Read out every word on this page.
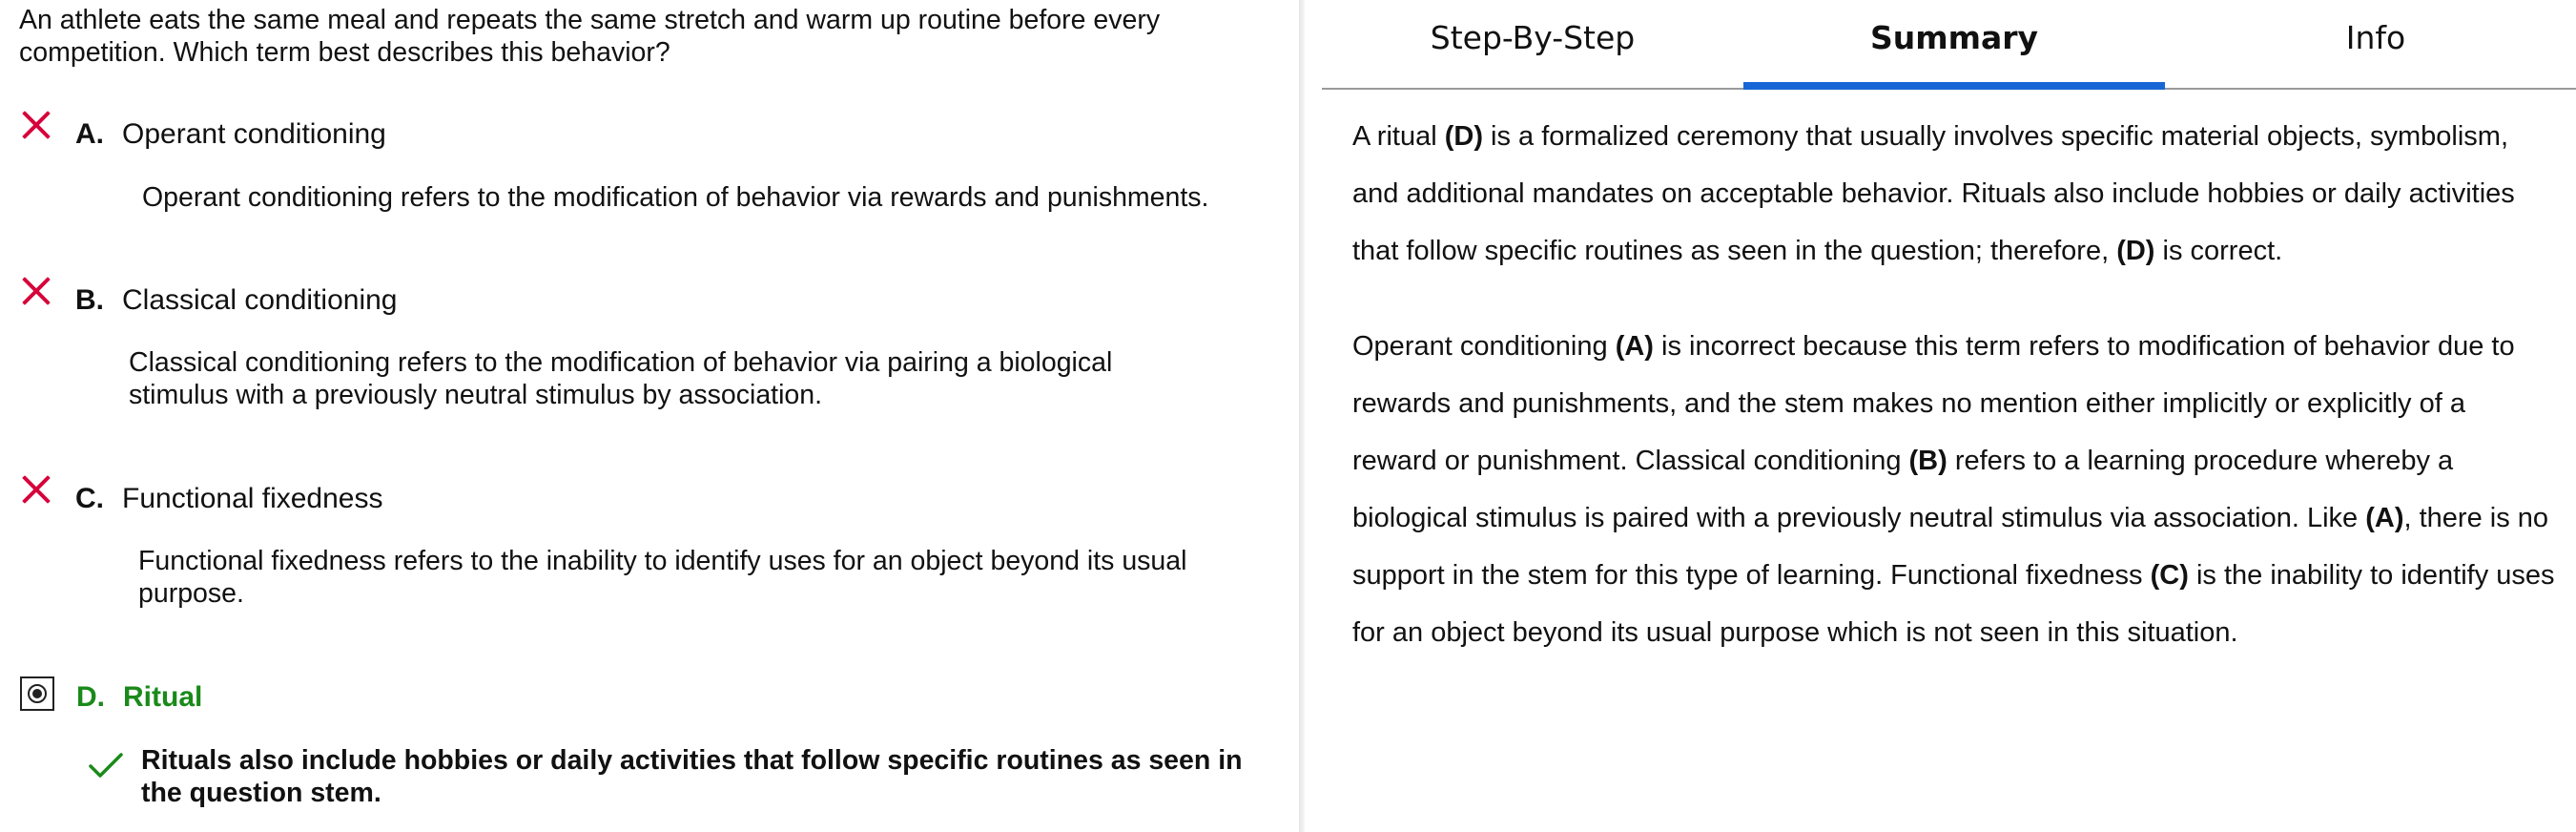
An athlete eats the same meal and repeats the same stretch and warm up routine before every competition. Which term best describes this behavior?
A. Operant conditioning
Operant conditioning refers to the modification of behavior via rewards and punishments.
B. Classical conditioning
Classical conditioning refers to the modification of behavior via pairing a biological stimulus with a previously neutral stimulus by association.
C. Functional fixedness
Functional fixedness refers to the inability to identify uses for an object beyond its usual purpose.
D. Ritual
Rituals also include hobbies or daily activities that follow specific routines as seen in the question stem.
Step-By-Step	Summary	Info

A ritual (D) is a formalized ceremony that usually involves specific material objects, symbolism, and additional mandates on acceptable behavior. Rituals also include hobbies or daily activities that follow specific routines as seen in the question; therefore, (D) is correct.

Operant conditioning (A) is incorrect because this term refers to modification of behavior due to rewards and punishments, and the stem makes no mention either implicitly or explicitly of a reward or punishment. Classical conditioning (B) refers to a learning procedure whereby a biological stimulus is paired with a previously neutral stimulus via association. Like (A), there is no support in the stem for this type of learning. Functional fixedness (C) is the inability to identify uses for an object beyond its usual purpose which is not seen in this situation.
